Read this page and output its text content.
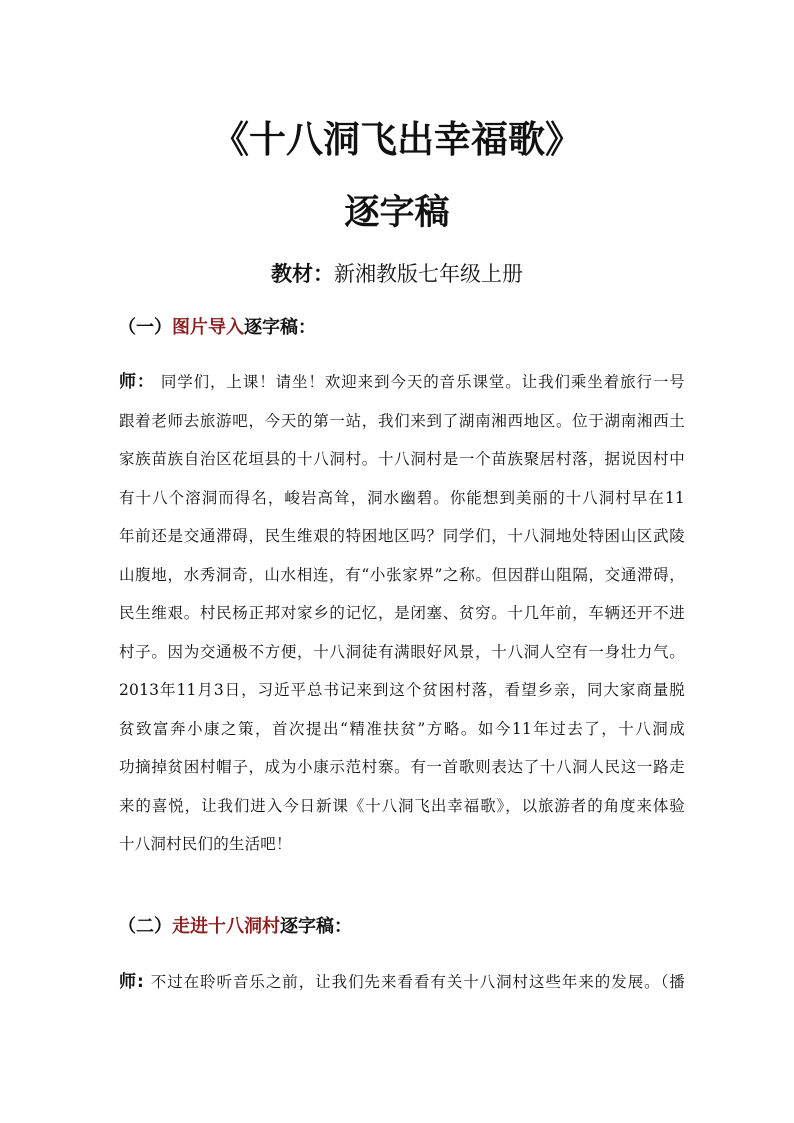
《十八洞飞出幸福歌》
逐字稿
教材：新湘教版七年级上册
（一）图片导入逐字稿：
师： 同学们，上课！请坐！欢迎来到今天的音乐课堂。让我们乘坐着旅行一号
跟着老师去旅游吧，今天的第一站，我们来到了湖南湘西地区。位于湖南湘西土
家族苗族自治区花垣县的十八洞村。十八洞村是一个苗族聚居村落，据说因村中
有十八个溶洞而得名，峻岩高耸，洞水幽碧。你能想到美丽的十八洞村早在11
年前还是交通滞碍，民生维艰的特困地区吗？同学们，十八洞地处特困山区武陵
山腹地，水秀洞奇，山水相连，有“小张家界”之称。但因群山阻隔，交通滞碍，
民生维艰。村民杨正邦对家乡的记忆，是闭塞、贫穷。十几年前，车辆还开不进
村子。因为交通极不方便，十八洞徒有满眼好风景，十八洞人空有一身壮力气。
2013年11月3日，习近平总书记来到这个贫困村落，看望乡亲，同大家商量脱
贫致富奔小康之策，首次提出“精准扶贫”方略。如今11年过去了，十八洞成
功摘掉贫困村帽子，成为小康示范村寨。有一首歌则表达了十八洞人民这一路走
来的喜悦，让我们进入今日新课《十八洞飞出幸福歌》，以旅游者的角度来体验
十八洞村民们的生活吧！
（二）走进十八洞村逐字稿：
师: 不过在聆听音乐之前，让我们先来看看有关十八洞村这些年来的发展。（播
